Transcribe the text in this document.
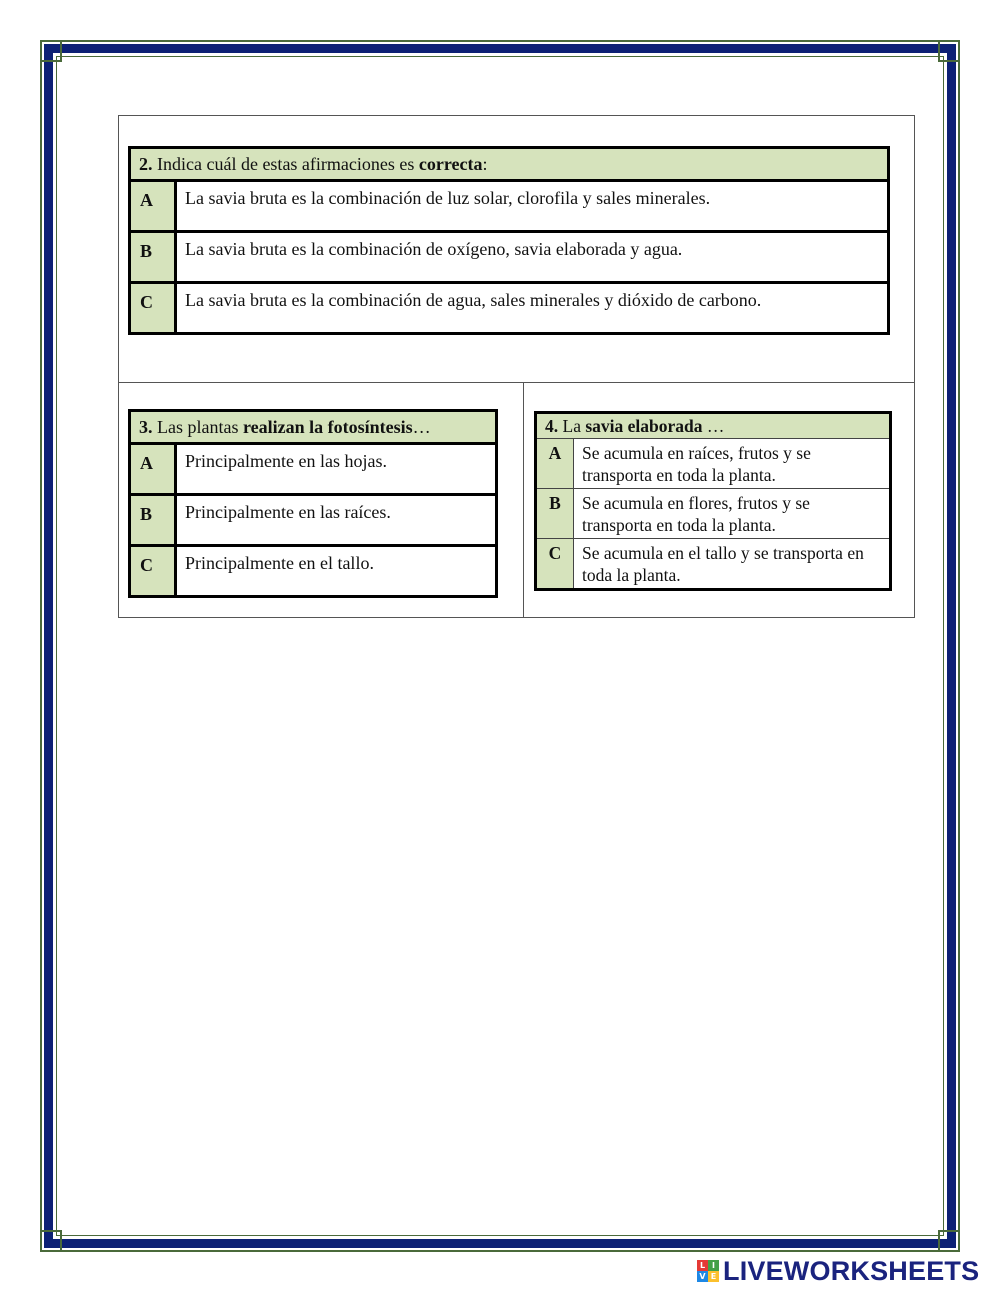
2. Indica cuál de estas afirmaciones es correcta:	
A	La savia bruta es la combinación de luz solar, clorofila y sales minerales.
B	La savia bruta es la combinación de oxígeno, savia elaborada y agua.
C	La savia bruta es la combinación de agua, sales minerales y dióxido de carbono.
3. Las plantas realizan la fotosíntesis…	
A	Principalmente en las hojas.
B	Principalmente en las raíces.
C	Principalmente en el tallo.
4. La savia elaborada …	
A	Se acumula en raíces, frutos y se transporta en toda la planta.
B	Se acumula en flores, frutos y se transporta en toda la planta.
C	Se acumula en el tallo y se transporta en toda la planta.
L I
V E LIVEWORKSHEETS
